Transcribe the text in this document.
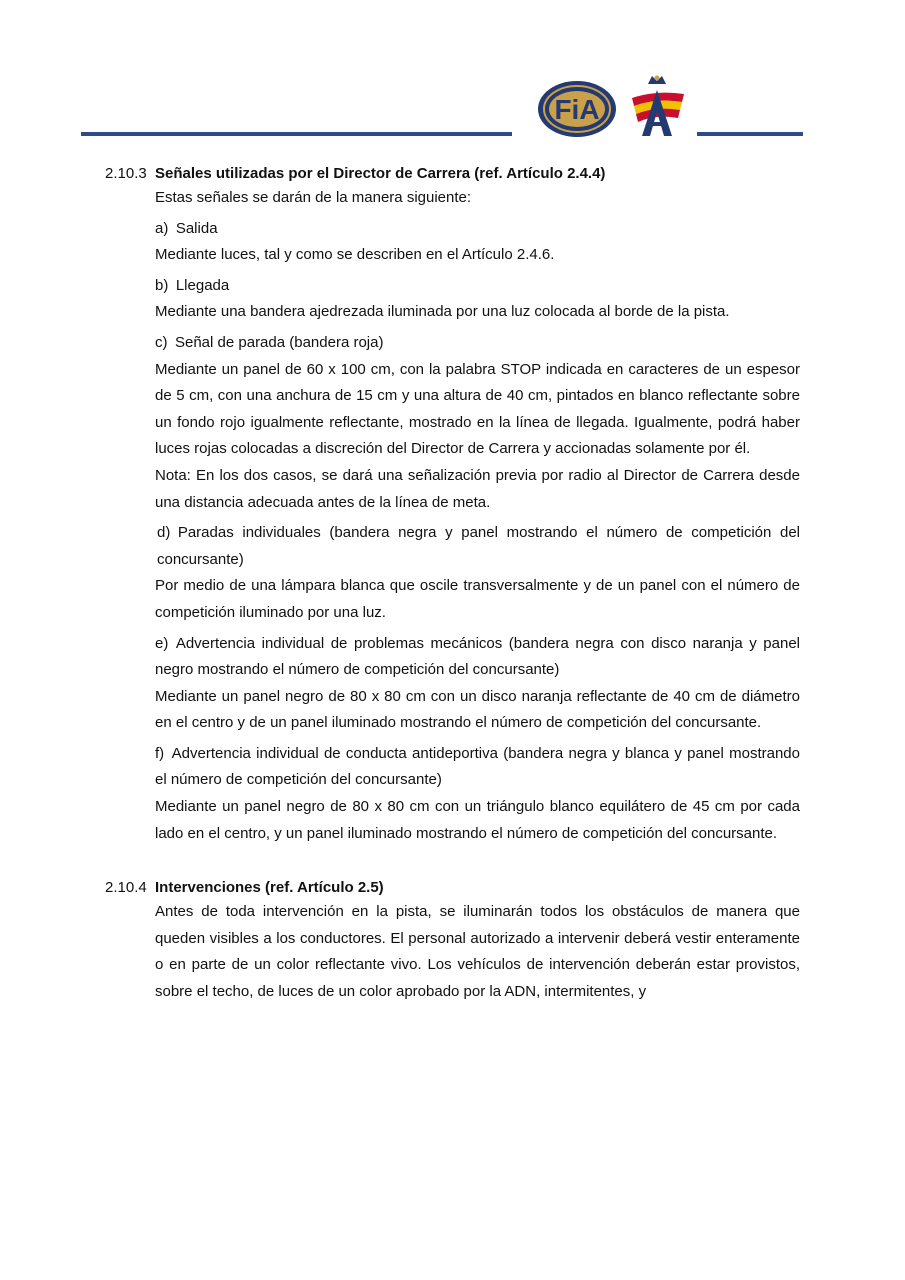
FiA
2.10.3 Señales utilizadas por el Director de Carrera (ref. Artículo 2.4.4)

Estas señales se darán de la manera siguiente:

a) Salida

Mediante luces, tal y como se describen en el Artículo 2.4.6.

b) Llegada

Mediante una bandera ajedrezada iluminada por una luz colocada al borde de la pista.

c) Señal de parada (bandera roja)

Mediante un panel de 60 x 100 cm, con la palabra STOP indicada en caracteres de un espesor de 5 cm, con una anchura de 15 cm y una altura de 40 cm, pintados en blanco reflectante sobre un fondo rojo igualmente reflectante, mostrado en la línea de llegada. Igualmente, podrá haber luces rojas colocadas a discreción del Director de Carrera y accionadas solamente por él.

Nota: En los dos casos, se dará una señalización previa por radio al Director de Carrera desde una distancia adecuada antes de la línea de meta.

d) Paradas individuales (bandera negra y panel mostrando el número de competición del concursante)

Por medio de una lámpara blanca que oscile transversalmente y de un panel con el número de competición iluminado por una luz.

e) Advertencia individual de problemas mecánicos (bandera negra con disco naranja y panel negro mostrando el número de competición del concursante)

Mediante un panel negro de 80 x 80 cm con un disco naranja reflectante de 40 cm de diámetro en el centro y de un panel iluminado mostrando el número de competición del concursante.

f) Advertencia individual de conducta antideportiva (bandera negra y blanca y panel mostrando el número de competición del concursante)

Mediante un panel negro de 80 x 80 cm con un triángulo blanco equilátero de 45 cm por cada lado en el centro, y un panel iluminado mostrando el número de competición del concursante.

2.10.4 Intervenciones (ref. Artículo 2.5)

Antes de toda intervención en la pista, se iluminarán todos los obstáculos de manera que queden visibles a los conductores. El personal autorizado a intervenir deberá vestir enteramente o en parte de un color reflectante vivo. Los vehículos de intervención deberán estar provistos, sobre el techo, de luces de un color aprobado por la ADN, intermitentes, y
